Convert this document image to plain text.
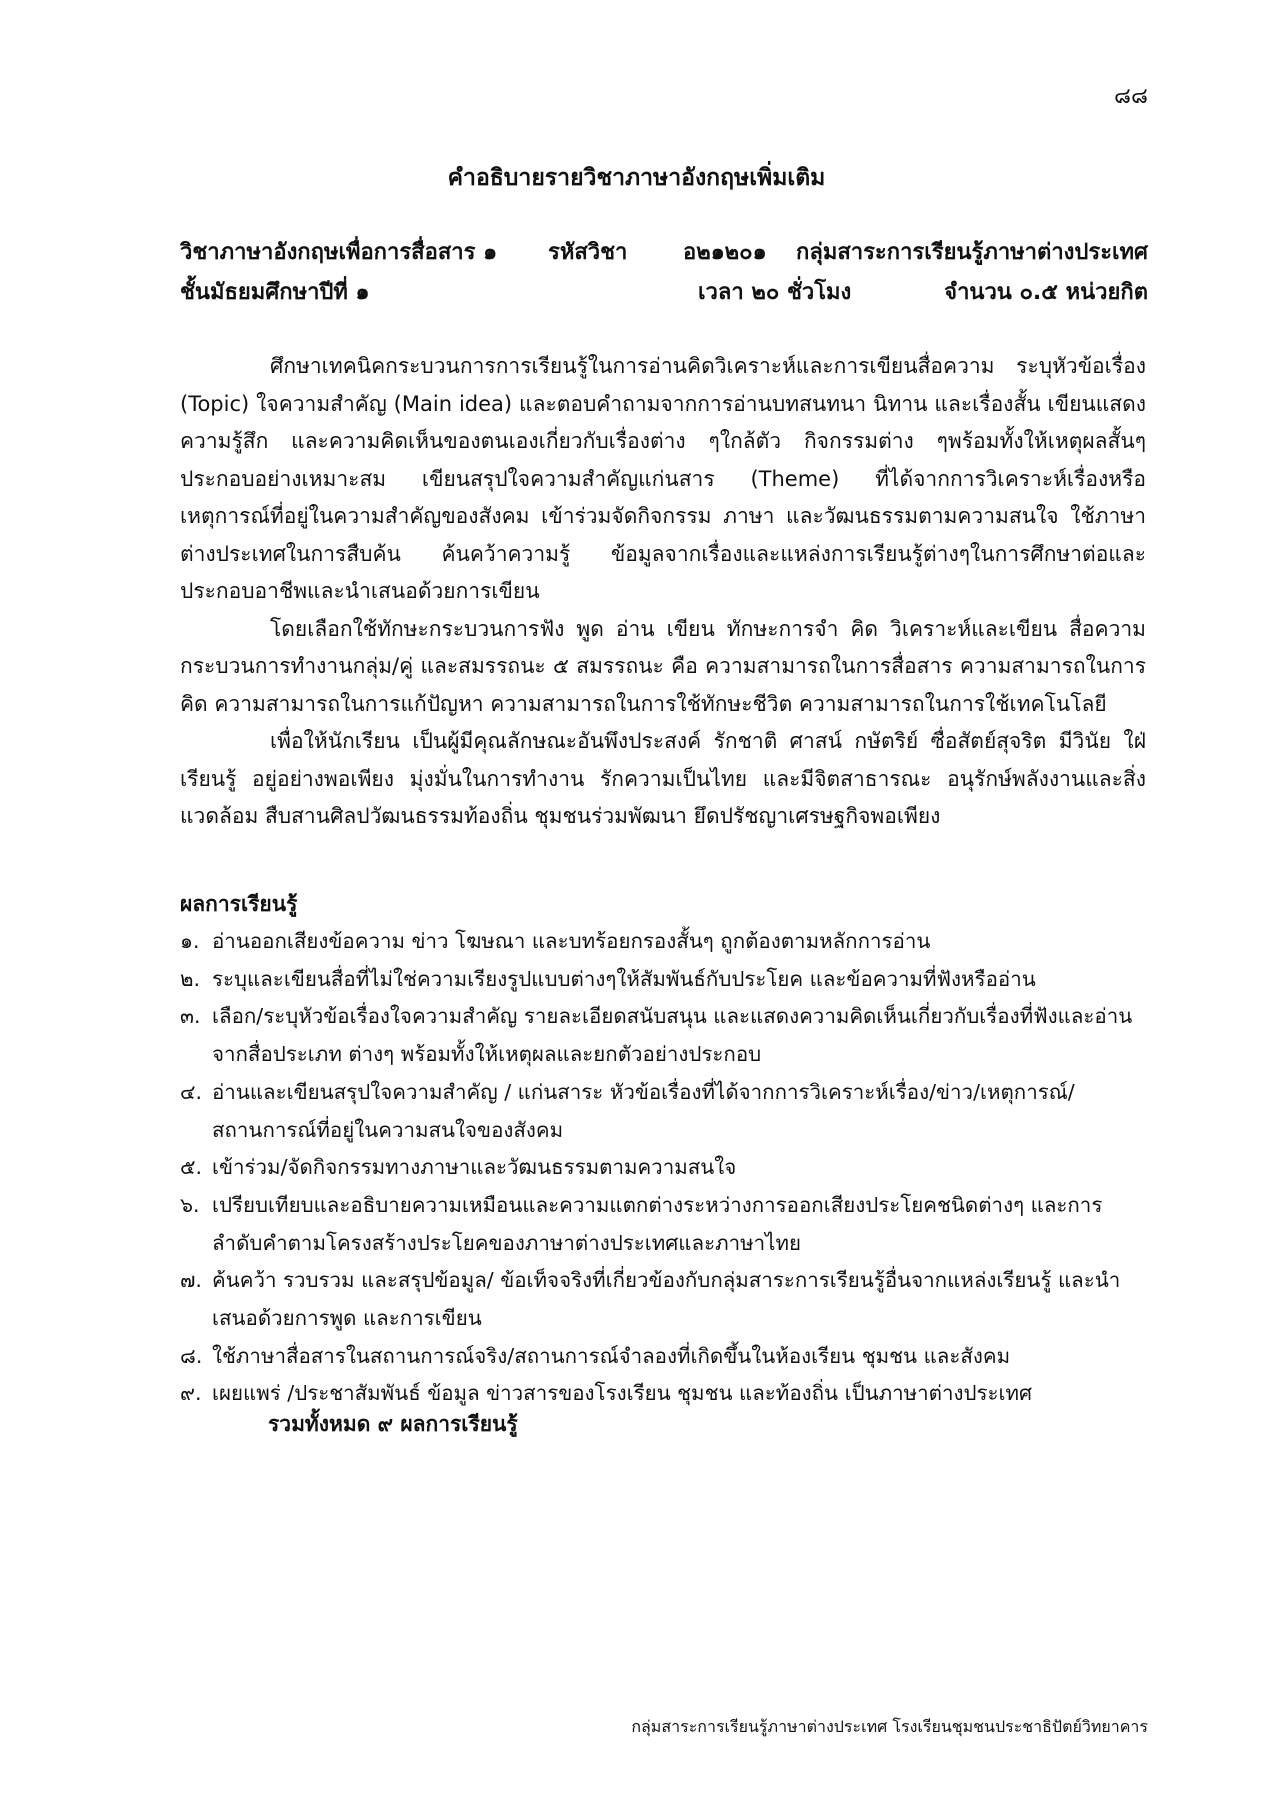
๘๘
คำอธิบายรายวิชาภาษาอังกฤษเพิ่มเติม
วิชาภาษาอังกฤษเพื่อการสื่อสาร ๑ รหัสวิชา	อ๒๑๒๐๑ กลุ่มสาระการเรียนรู้ภาษาต่างประเทศ
ชั้นมัธยมศึกษาปีที่ ๑	เวลา ๒๐ ชั่วโมง	จำนวน ๐.๕ หน่วยกิต

ศึกษาเทคนิคกระบวนการการเรียนรู้ในการอ่านคิดวิเคราะห์และการเขียนสื่อความ ระบุหัวข้อเรื่อง (Topic) ใจความสำคัญ (Main idea) และตอบคำถามจากการอ่านบทสนทนา นิทาน และเรื่องสั้น เขียนแสดงความรู้สึก และความคิดเห็นของตนเองเกี่ยวกับเรื่องต่าง ๆใกล้ตัว กิจกรรมต่าง ๆพร้อมทั้งให้เหตุผลสั้นๆ ประกอบอย่างเหมาะสม เขียนสรุปใจความสำคัญแก่นสาร (Theme) ที่ได้จากการวิเคราะห์เรื่องหรือเหตุการณ์ที่อยู่ในความสำคัญของสังคม เข้าร่วมจัดกิจกรรม ภาษา และวัฒนธรรมตามความสนใจ ใช้ภาษาต่างประเทศในการสืบค้น ค้นคว้าความรู้ ข้อมูลจากเรื่องและแหล่งการเรียนรู้ต่างๆในการศึกษาต่อและประกอบอาชีพและนำเสนอด้วยการเขียน

โดยเลือกใช้ทักษะกระบวนการฟัง พูด อ่าน เขียน ทักษะการจำ คิด วิเคราะห์และเขียน สื่อความ กระบวนการทำงานกลุ่ม/คู่ และสมรรถนะ ๕ สมรรถนะ คือ ความสามารถในการสื่อสาร ความสามารถในการคิด ความสามารถในการแก้ปัญหา ความสามารถในการใช้ทักษะชีวิต ความสามารถในการใช้เทคโนโลยี

เพื่อให้นักเรียน เป็นผู้มีคุณลักษณะอันพึงประสงค์ รักชาติ ศาสน์ กษัตริย์ ซื่อสัตย์สุจริต มีวินัย ใฝ่เรียนรู้ อยู่อย่างพอเพียง มุ่งมั่นในการทำงาน รักความเป็นไทย และมีจิตสาธารณะ อนุรักษ์พลังงานและสิ่งแวดล้อม สืบสานศิลปวัฒนธรรมท้องถิ่น ชุมชนร่วมพัฒนา ยึดปรัชญาเศรษฐกิจพอเพียง

ผลการเรียนรู้
๑. อ่านออกเสียงข้อความ ข่าว โฆษณา และบทร้อยกรองสั้นๆ ถูกต้องตามหลักการอ่าน
๒. ระบุและเขียนสื่อที่ไม่ใช่ความเรียงรูปแบบต่างๆให้สัมพันธ์กับประโยค และข้อความที่ฟังหรืออ่าน
๓. เลือก/ระบุหัวข้อเรื่องใจความสำคัญ รายละเอียดสนับสนุน และแสดงความคิดเห็นเกี่ยวกับเรื่องที่ฟังและอ่านจากสื่อประเภท ต่างๆ พร้อมทั้งให้เหตุผลและยกตัวอย่างประกอบ
๔. อ่านและเขียนสรุปใจความสำคัญ / แก่นสาระ หัวข้อเรื่องที่ได้จากการวิเคราะห์เรื่อง/ข่าว/เหตุการณ์/สถานการณ์ที่อยู่ในความสนใจของสังคม
๕. เข้าร่วม/จัดกิจกรรมทางภาษาและวัฒนธรรมตามความสนใจ
๖. เปรียบเทียบและอธิบายความเหมือนและความแตกต่างระหว่างการออกเสียงประโยคชนิดต่างๆ และการลำดับคำตามโครงสร้างประโยคของภาษาต่างประเทศและภาษาไทย
๗. ค้นคว้า รวบรวม และสรุปข้อมูล/ ข้อเท็จจริงที่เกี่ยวข้องกับกลุ่มสาระการเรียนรู้อื่นจากแหล่งเรียนรู้ และนำเสนอด้วยการพูด และการเขียน
๘. ใช้ภาษาสื่อสารในสถานการณ์จริง/สถานการณ์จำลองที่เกิดขึ้นในห้องเรียน ชุมชน และสังคม
๙. เผยแพร่ /ประชาสัมพันธ์ ข้อมูล ข่าวสารของโรงเรียน ชุมชน และท้องถิ่น เป็นภาษาต่างประเทศ
รวมทั้งหมด ๙ ผลการเรียนรู้
กลุ่มสาระการเรียนรู้ภาษาต่างประเทศ โรงเรียนชุมชนประชาธิปัตย์วิทยาคาร
